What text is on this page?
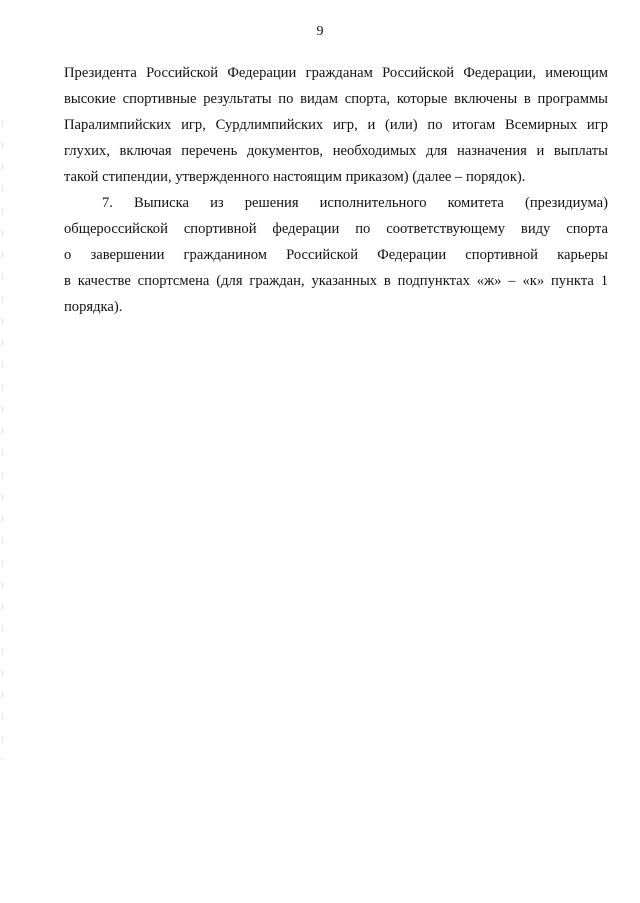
9
Президента Российской Федерации гражданам Российской Федерации, имеющим
высокие спортивные результаты по видам спорта, которые включены в программы
Паралимпийских игр, Сурдлимпийских игр, и (или) по итогам Всемирных игр
глухих, включая перечень документов, необходимых для назначения и выплаты
такой стипендии, утвержденного настоящим приказом) (далее – порядок).
7. Выписка из решения исполнительного комитета (президиума)
общероссийской спортивной федерации по соответствующему виду спорта
о завершении гражданином Российской Федерации спортивной карьеры
в качестве спортсмена (для граждан, указанных в подпунктах «ж» – «к» пункта 1
порядка).
